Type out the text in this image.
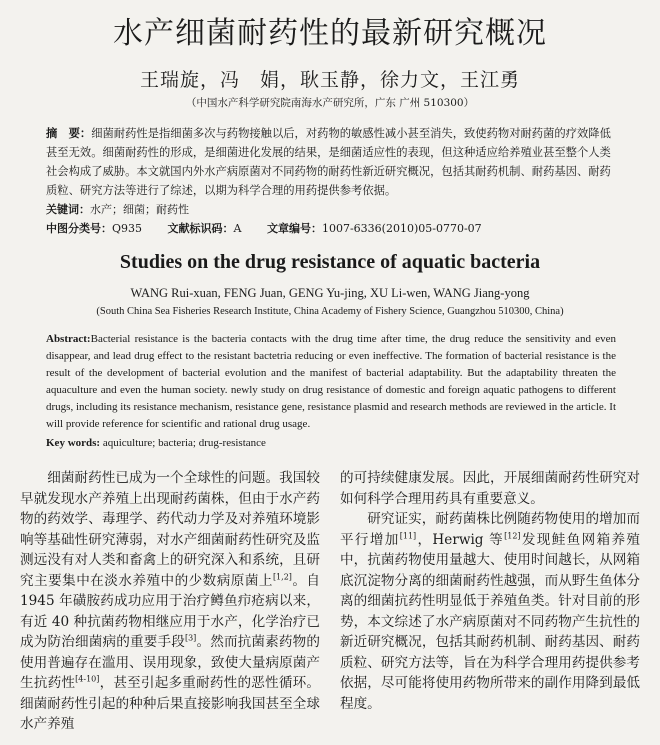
水产细菌耐药性的最新研究概况
王瑞旋，冯　娟，耿玉静，徐力文，王江勇
（中国水产科学研究院南海水产研究所，广东 广州 510300）
摘　要：细菌耐药性是指细菌多次与药物接触以后，对药物的敏感性减小甚至消失，致使药物对耐药菌的疗效降低甚至无效。细菌耐药性的形成，是细菌进化发展的结果，是细菌适应性的表现，但这种适应给养殖业甚至整个人类社会构成了威胁。本文就国内外水产病原菌对不同药物的耐药性新近研究概况，包括其耐药机制、耐药基因、耐药质粒、研究方法等进行了综述，以期为科学合理的用药提供参考依据。
关键词：水产；细菌；耐药性
中图分类号：Q935 文献标识码：A 文章编号：1007-6336(2010)05-0770-07
Studies on the drug resistance of aquatic bacteria
WANG Rui-xuan, FENG Juan, GENG Yu-jing, XU Li-wen, WANG Jiang-yong
(South China Sea Fisheries Research Institute, China Academy of Fishery Science, Guangzhou 510300, China)
Abstract:Bacterial resistance is the bacteria contacts with the drug time after time, the drug reduce the sensitivity and even disappear, and lead drug effect to the resistant bactetria reducing or even ineffective. The formation of bacterial resistance is the result of the development of bacterial evolution and the manifest of bacterial adaptability. But the adaptability threaten the aquaculture and even the human society. newly study on drug resistance of domestic and foreign aquatic pathogens to different drugs, including its resistance mechanism, resistance gene, resistance plasmid and research methods are reviewed in the article. It will provide reference for scientific and rational drug usage.
Key words: aquiculture; bacteria; drug-resistance

细菌耐药性已成为一个全球性的问题。我国较早就发现水产养殖上出现耐药菌株，但由于水产药物的药效学、毒理学、药代动力学及对养殖环境影响等基础性研究薄弱，对水产细菌耐药性研究及监测远没有对人类和畜禽上的研究深入和系统，且研究主要集中在淡水养殖中的少数病原菌上[1,2]。自 1945 年磺胺药成功应用于治疗鳟鱼疖疮病以来，有近 40 种抗菌药物相继应用于水产，化学治疗已成为防治细菌病的重要手段[3]。然而抗菌素药物的使用普遍存在滥用、误用现象，致使大量病原菌产生抗药性[4-10]，甚至引起多重耐药性的恶性循环。细菌耐药性引起的种种后果直接影响我国甚至全球水产养殖

的可持续健康发展。因此，开展细菌耐药性研究对如何科学合理用药具有重要意义。

研究证实，耐药菌株比例随药物使用的增加而平行增加[11]，Herwig 等[12]发现鲑鱼网箱养殖中，抗菌药物使用量越大、使用时间越长，从网箱底沉淀物分离的细菌耐药性越强，而从野生鱼体分离的细菌抗药性明显低于养殖鱼类。针对目前的形势，本文综述了水产病原菌对不同药物产生抗性的新近研究概况，包括其耐药机制、耐药基因、耐药质粒、研究方法等，旨在为科学合理用药提供参考依据，尽可能将使用药物所带来的副作用降到最低程度。
